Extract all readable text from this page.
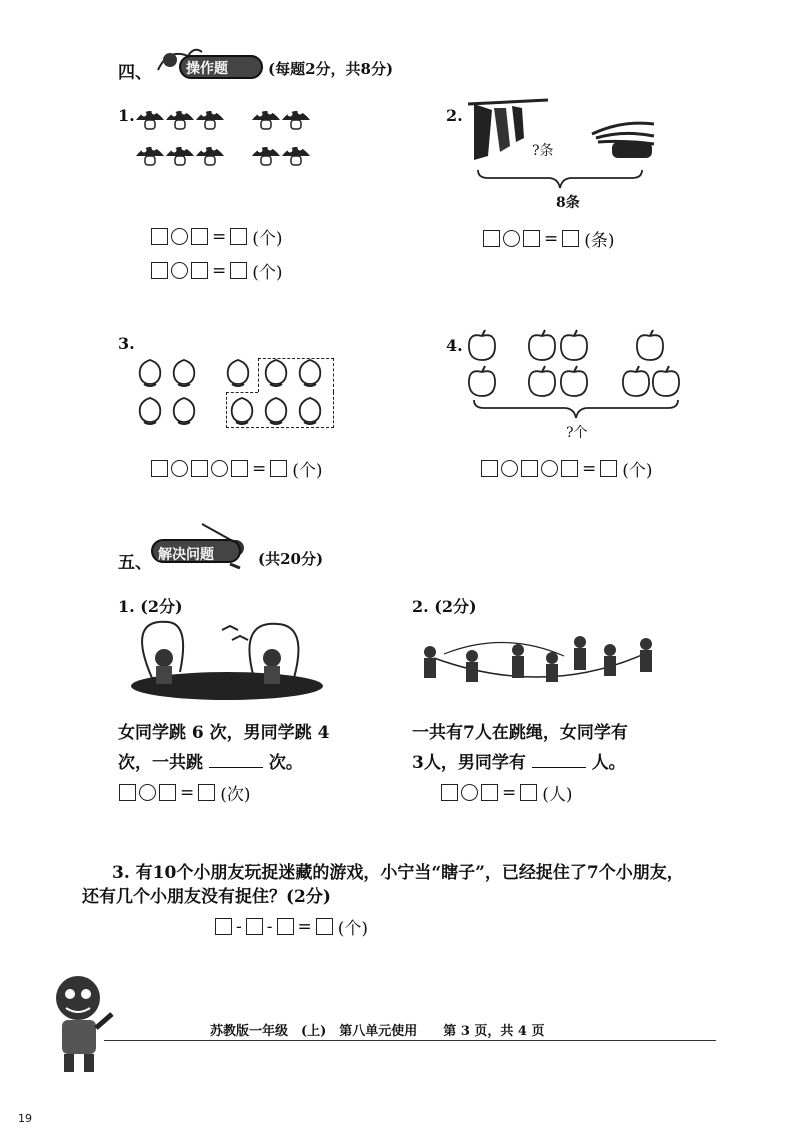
四、 操作题	(每题2分，共8分)
1.
= (个)
= (个)
2.
?条
8条
= (条)
3.
= (个)
4.
?个
= (个)
五、 解决问题	(共20分)
1. (2分)
女同学跳 6 次，男同学跳 4
次，一共跳	次。
= (次)
2. (2分)
一共有7人在跳绳，女同学有
3人，男同学有	人。
= (人)
3. 有10个小朋友玩捉迷藏的游戏，小宁当“瞎子”，已经捉住了7个小朋友，
还有几个小朋友没有捉住？(2分)
- - = (个)
苏教版一年级　(上)　第八单元使用　　第 3 页，共 4 页
19
